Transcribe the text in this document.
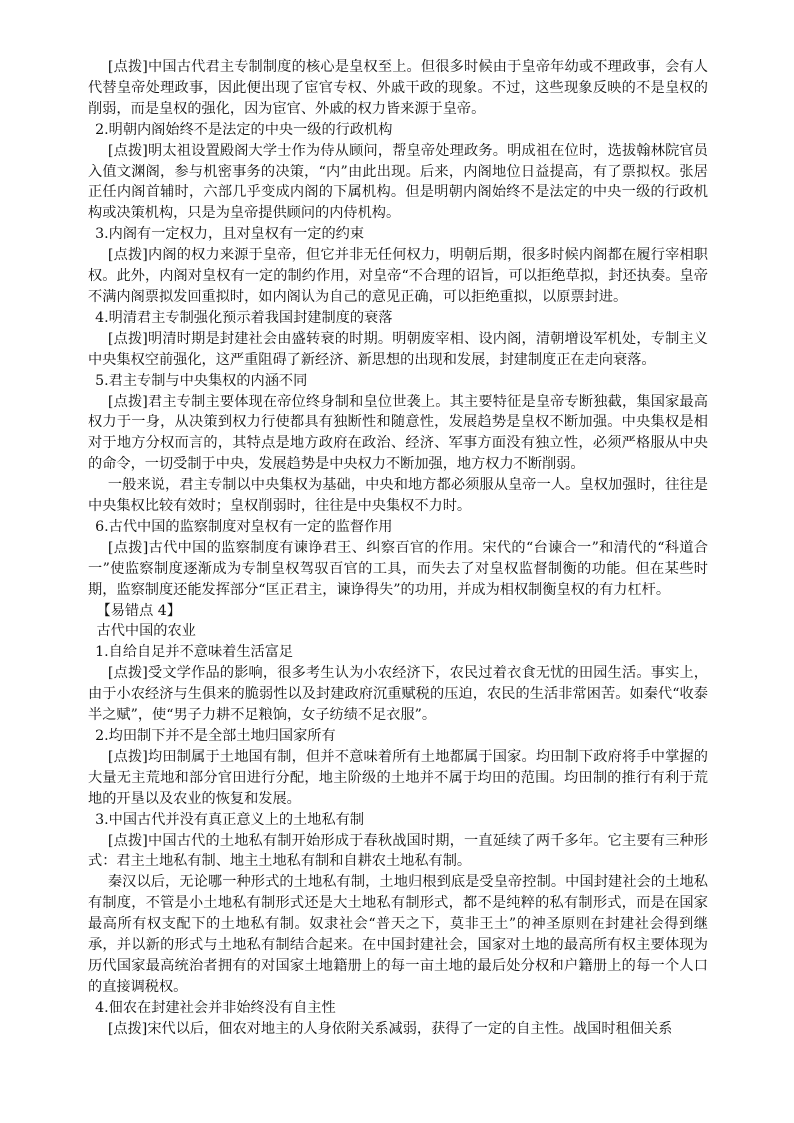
[点拨]中国古代君主专制制度的核心是皇权至上。但很多时候由于皇帝年幼或不理政事，会有人代替皇帝处理政事，因此便出现了宦官专权、外戚干政的现象。不过，这些现象反映的不是皇权的削弱，而是皇权的强化，因为宦官、外戚的权力皆来源于皇帝。

2.明朝内阁始终不是法定的中央一级的行政机构

[点拨]明太祖设置殿阁大学士作为侍从顾问，帮皇帝处理政务。明成祖在位时，选拔翰林院官员入值文渊阁，参与机密事务的决策，“内”由此出现。后来，内阁地位日益提高，有了票拟权。张居正任内阁首辅时，六部几乎变成内阁的下属机构。但是明朝内阁始终不是法定的中央一级的行政机构或决策机构，只是为皇帝提供顾问的内侍机构。

3.内阁有一定权力，且对皇权有一定的约束

[点拨]内阁的权力来源于皇帝，但它并非无任何权力，明朝后期，很多时候内阁都在履行宰相职权。此外，内阁对皇权有一定的制约作用，对皇帝“不合理的诏旨，可以拒绝草拟，封还执奏。皇帝不满内阁票拟发回重拟时，如内阁认为自己的意见正确，可以拒绝重拟，以原票封进。

4.明清君主专制强化预示着我国封建制度的衰落

[点拨]明清时期是封建社会由盛转衰的时期。明朝废宰相、设内阁，清朝增设军机处，专制主义中央集权空前强化，这严重阻碍了新经济、新思想的出现和发展，封建制度正在走向衰落。

5.君主专制与中央集权的内涵不同

[点拨]君主专制主要体现在帝位终身制和皇位世袭上。其主要特征是皇帝专断独截，集国家最高权力于一身，从决策到权力行使都具有独断性和随意性，发展趋势是皇权不断加强。中央集权是相对于地方分权而言的，其特点是地方政府在政治、经济、军事方面没有独立性，必须严格服从中央的命令，一切受制于中央，发展趋势是中央权力不断加强，地方权力不断削弱。

一般来说，君主专制以中央集权为基础，中央和地方都必须服从皇帝一人。皇权加强时，往往是中央集权比较有效时；皇权削弱时，往往是中央集权不力时。

6.古代中国的监察制度对皇权有一定的监督作用

[点拨]古代中国的监察制度有谏诤君王、纠察百官的作用。宋代的“台谏合一”和清代的“科道合一”使监察制度逐渐成为专制皇权驾驭百官的工具，而失去了对皇权监督制衡的功能。但在某些时期，监察制度还能发挥部分“匡正君主，谏诤得失”的功用，并成为相权制衡皇权的有力杠杆。

【易错点 4】

古代中国的农业

1.自给自足并不意味着生活富足

[点拨]受文学作品的影响，很多考生认为小农经济下，农民过着衣食无忧的田园生活。事实上，由于小农经济与生俱来的脆弱性以及封建政府沉重赋税的压迫，农民的生活非常困苦。如秦代“收泰半之赋”，使“男子力耕不足粮饷，女子纺绩不足衣服”。

2.均田制下并不是全部土地归国家所有

[点拨]均田制属于土地国有制，但并不意味着所有土地都属于国家。均田制下政府将手中掌握的大量无主荒地和部分官田进行分配，地主阶级的土地并不属于均田的范围。均田制的推行有利于荒地的开垦以及农业的恢复和发展。

3.中国古代并没有真正意义上的土地私有制

[点拨]中国古代的土地私有制开始形成于春秋战国时期，一直延续了两千多年。它主要有三种形式：君主土地私有制、地主土地私有制和自耕农土地私有制。

秦汉以后，无论哪一种形式的土地私有制，土地归根到底是受皇帝控制。中国封建社会的土地私有制度，不管是小土地私有制形式还是大土地私有制形式，都不是纯粹的私有制形式，而是在国家最高所有权支配下的土地私有制。奴隶社会“普天之下，莫非王土”的神圣原则在封建社会得到继承，并以新的形式与土地私有制结合起来。在中国封建社会，国家对土地的最高所有权主要体现为历代国家最高统治者拥有的对国家土地籍册上的每一亩土地的最后处分权和户籍册上的每一个人口的直接调税权。

4.佃农在封建社会并非始终没有自主性

[点拨]宋代以后，佃农对地主的人身依附关系减弱，获得了一定的自主性。战国时租佃关系
